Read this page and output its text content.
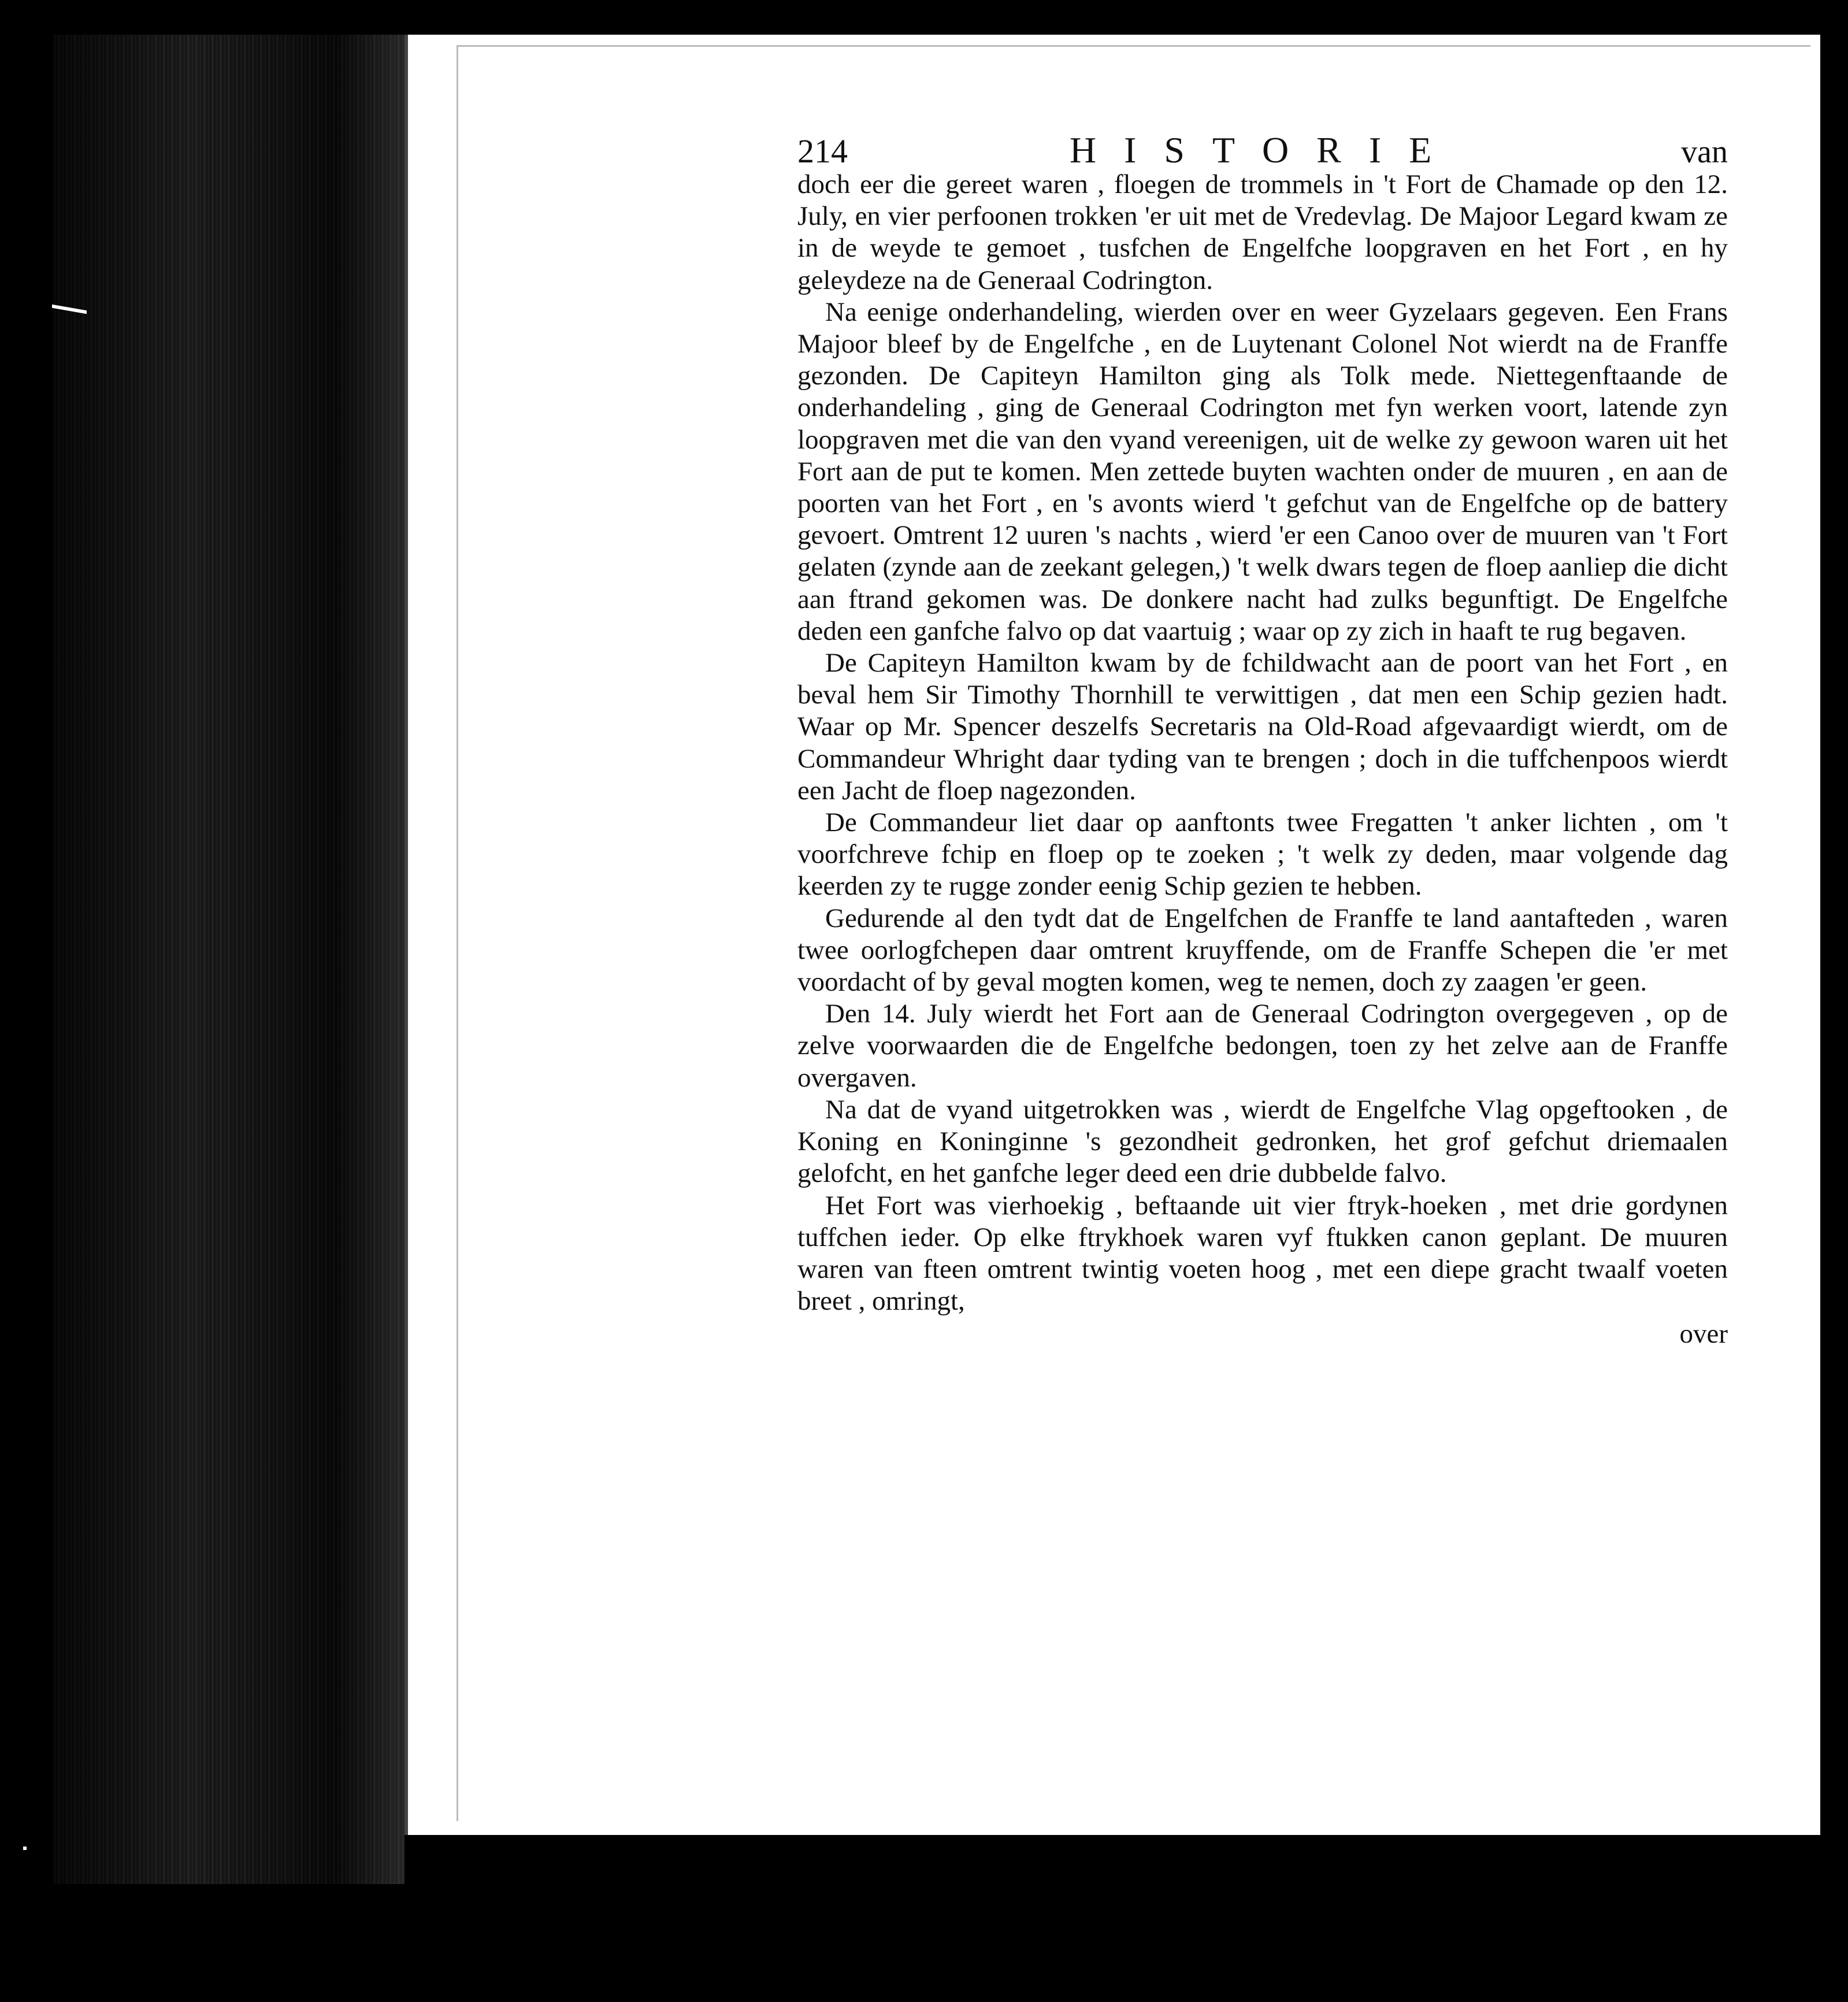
214	HISTORIE	van

doch eer die gereet waren , floegen de trommels in 't Fort de Chamade op den 12. July, en vier perfoonen trokken 'er uit met de Vredevlag. De Majoor Legard kwam ze in de weyde te gemoet , tusfchen de Engelfche loopgraven en het Fort , en hy geleydeze na de Generaal Codrington.

Na eenige onderhandeling, wierden over en weer Gyzelaars gegeven. Een Frans Majoor bleef by de Engelfche , en de Luytenant Colonel Not wierdt na de Franffe gezonden. De Capiteyn Hamilton ging als Tolk mede. Niettegenftaande de onderhandeling , ging de Generaal Codrington met fyn werken voort, latende zyn loopgraven met die van den vyand vereenigen, uit de welke zy gewoon waren uit het Fort aan de put te komen. Men zettede buyten wachten onder de muuren , en aan de poorten van het Fort , en 's avonts wierd 't gefchut van de Engelfche op de battery gevoert. Omtrent 12 uuren 's nachts , wierd 'er een Canoo over de muuren van 't Fort gelaten (zynde aan de zeekant gelegen,) 't welk dwars tegen de floep aanliep die dicht aan ftrand gekomen was. De donkere nacht had zulks begunftigt. De Engelfche deden een ganfche falvo op dat vaartuig ; waar op zy zich in haaft te rug begaven.

De Capiteyn Hamilton kwam by de fchildwacht aan de poort van het Fort , en beval hem Sir Timothy Thornhill te verwittigen , dat men een Schip gezien hadt. Waar op Mr. Spencer deszelfs Secretaris na Old-Road afgevaardigt wierdt, om de Commandeur Whright daar tyding van te brengen ; doch in die tuffchenpoos wierdt een Jacht de floep nagezonden.

De Commandeur liet daar op aanftonts twee Fregatten 't anker lichten , om 't voorfchreve fchip en floep op te zoeken ; 't welk zy deden, maar volgende dag keerden zy te rugge zonder eenig Schip gezien te hebben.

Gedurende al den tydt dat de Engelfchen de Franffe te land aantafteden , waren twee oorlogfchepen daar omtrent kruyffende, om de Franffe Schepen die 'er met voordacht of by geval mogten komen, weg te nemen, doch zy zaagen 'er geen.

Den 14. July wierdt het Fort aan de Generaal Codrington overgegeven , op de zelve voorwaarden die de Engelfche bedongen, toen zy het zelve aan de Franffe overgaven.

Na dat de vyand uitgetrokken was , wierdt de Engelfche Vlag opgeftooken , de Koning en Koninginne 's gezondheit gedronken, het grof gefchut driemaalen gelofcht, en het ganfche leger deed een drie dubbelde falvo.

Het Fort was vierhoekig , beftaande uit vier ftryk-hoeken , met drie gordynen tuffchen ieder. Op elke ftrykhoek waren vyf ftukken canon geplant. De muuren waren van fteen omtrent twintig voeten hoog , met een diepe gracht twaalf voeten breet , omringt,

over
